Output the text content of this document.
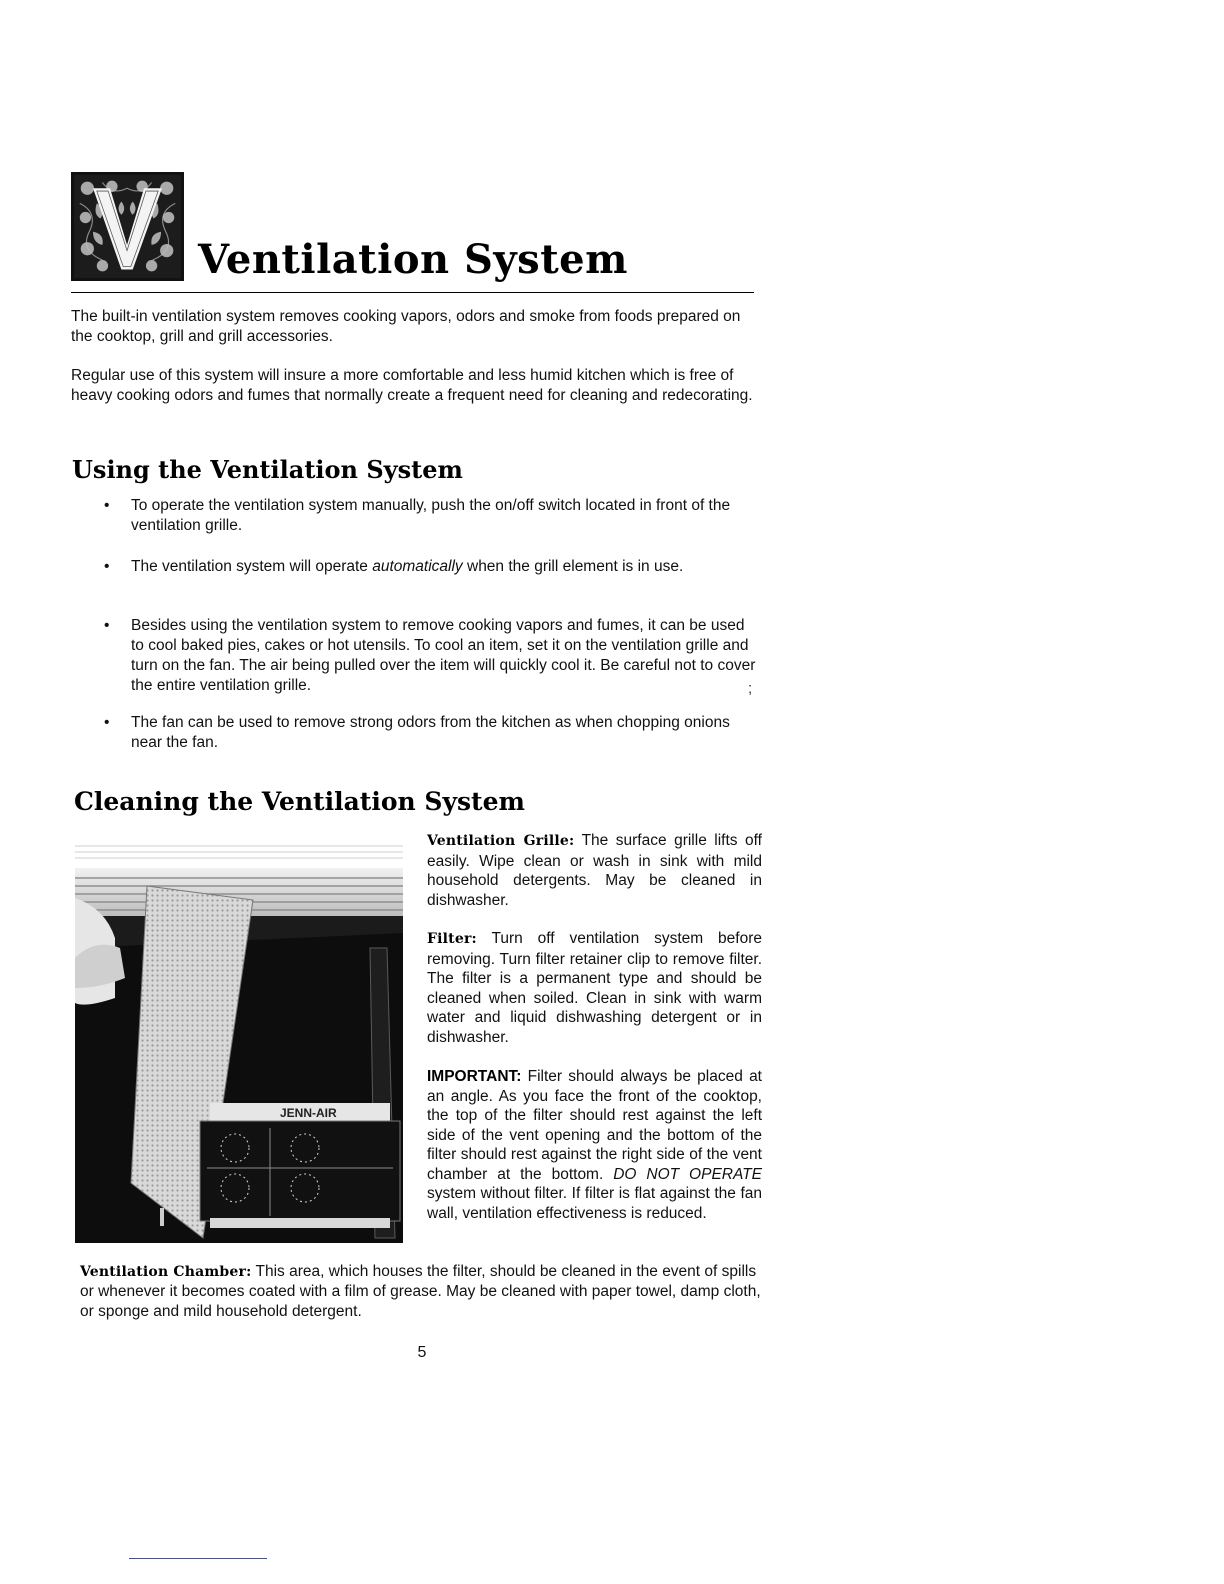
Ventilation System

The built-in ventilation system removes cooking vapors, odors and smoke from foods prepared on the cooktop, grill and grill accessories.

Regular use of this system will insure a more comfortable and less humid kitchen which is free of heavy cooking odors and fumes that normally create a frequent need for cleaning and redecorating.

Using the Ventilation System
•	To operate the ventilation system manually, push the on/off switch located in front of the ventilation grille.
•	The ventilation system will operate automatically when the grill element is in use.
•	Besides using the ventilation system to remove cooking vapors and fumes, it can be used to cool baked pies, cakes or hot utensils. To cool an item, set it on the ventilation grille and turn on the fan. The air being pulled over the item will quickly cool it. Be careful not to cover the entire ventilation grille.	;
•	The fan can be used to remove strong odors from the kitchen as when chopping onions near the fan.
Cleaning the Ventilation System
JENN-AIR

Ventilation Grille: The surface grille lifts off easily. Wipe clean or wash in sink with mild household detergents. May be cleaned in dishwasher.

Filter: Turn off ventilation system before removing. Turn filter retainer clip to remove filter. The filter is a permanent type and should be cleaned when soiled. Clean in sink with warm water and liquid dishwashing detergent or in dishwasher.

IMPORTANT: Filter should always be placed at an angle. As you face the front of the cooktop, the top of the filter should rest against the left side of the vent opening and the bottom of the filter should rest against the right side of the vent chamber at the bottom. DO NOT OPERATE system without filter. If filter is flat against the fan wall, ventilation effectiveness is reduced.

Ventilation Chamber: This area, which houses the filter, should be cleaned in the event of spills or whenever it becomes coated with a film of grease. May be cleaned with paper towel, damp cloth, or sponge and mild household detergent.

5
